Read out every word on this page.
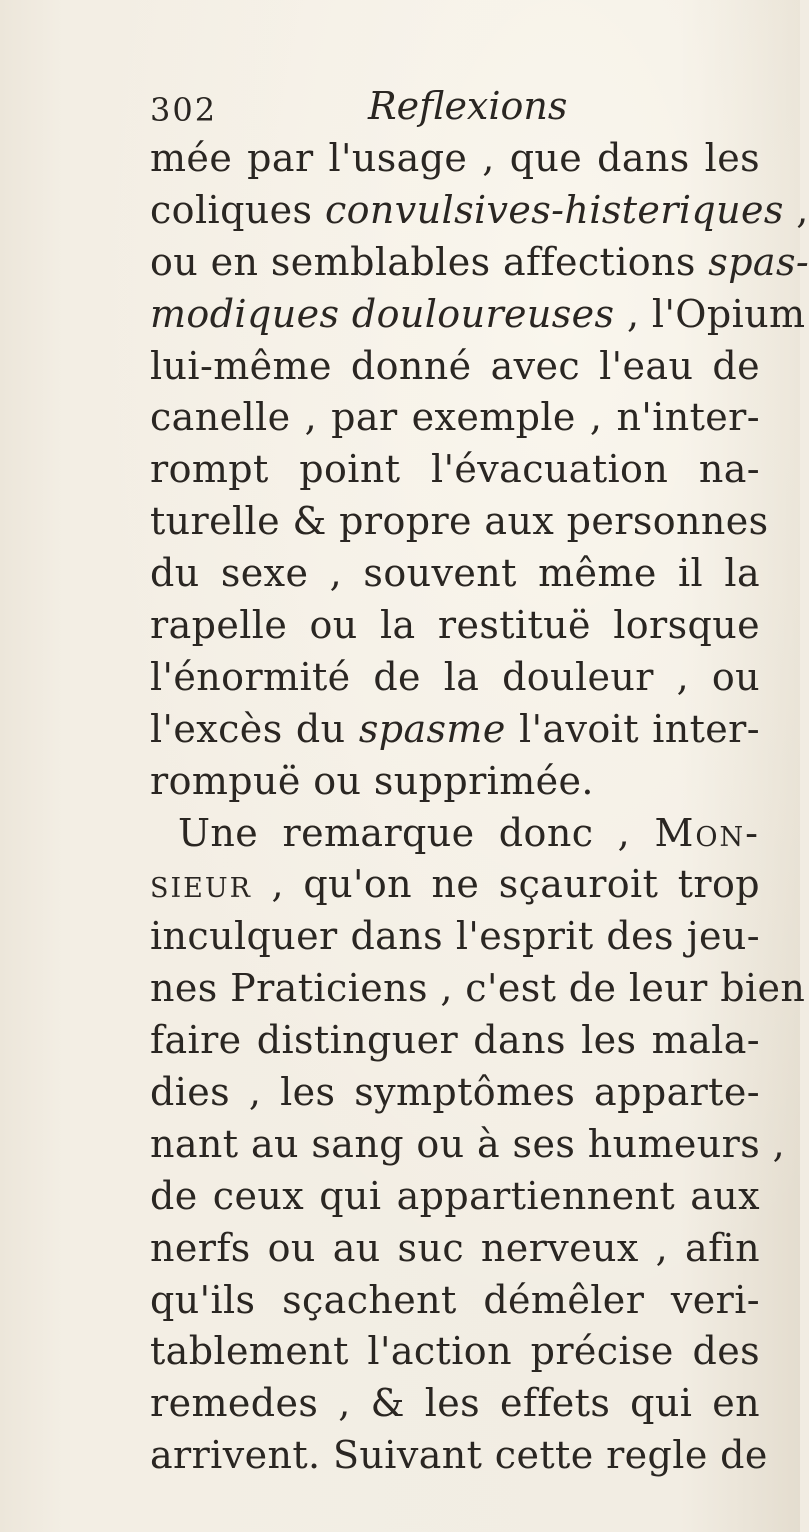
302	Reflexions
mée par l'usage , que dans les
coliques convulsives-histeriques ,
ou en semblables affections spas-
modiques douloureuses , l'Opium
lui-même donné avec l'eau de
canelle , par exemple , n'inter-
rompt point l'évacuation na-
turelle & propre aux personnes
du sexe , souvent même il la
rapelle ou la restituë lorsque
l'énormité de la douleur , ou
l'excès du spasme l'avoit inter-
rompuë ou supprimée.
Une remarque donc , Mon-
sieur , qu'on ne sçauroit trop
inculquer dans l'esprit des jeu-
nes Praticiens , c'est de leur bien
faire distinguer dans les mala-
dies , les symptômes apparte-
nant au sang ou à ses humeurs ,
de ceux qui appartiennent aux
nerfs ou au suc nerveux , afin
qu'ils sçachent démêler veri-
tablement l'action précise des
remedes , & les effets qui en
arrivent. Suivant cette regle de
